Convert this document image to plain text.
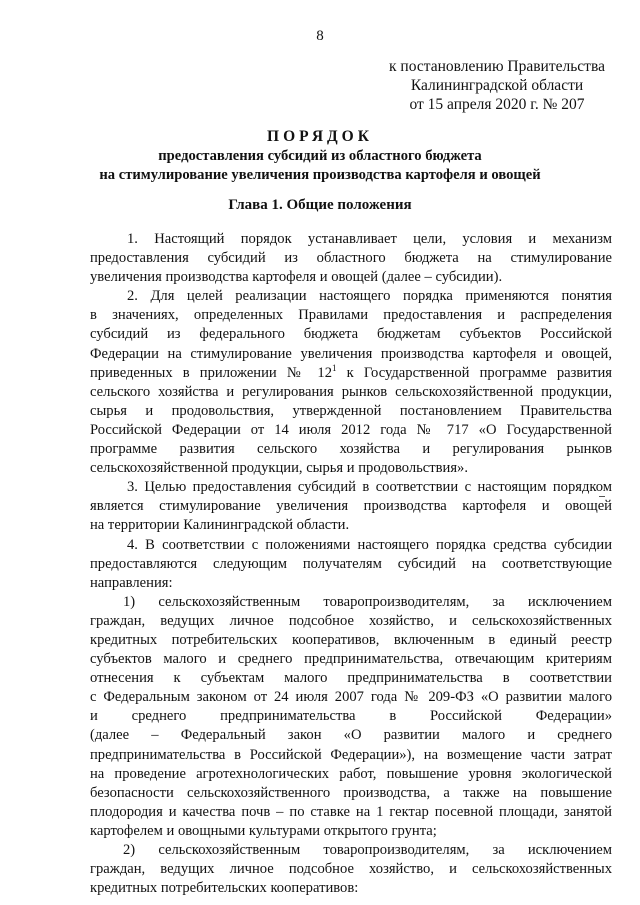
8
к постановлению Правительства
Калининградской области
от 15 апреля 2020 г. № 207
ПОРЯДОК
предоставления субсидий из областного бюджета
на стимулирование увеличения производства картофеля и овощей
Глава 1. Общие положения
1. Настоящий порядок устанавливает цели, условия и механизм
предоставления субсидий из областного бюджета на стимулирование
увеличения производства картофеля и овощей (далее – субсидии).
2. Для целей реализации настоящего порядка применяются понятия
в значениях, определенных Правилами предоставления и распределения
субсидий из федерального бюджета бюджетам субъектов Российской
Федерации на стимулирование увеличения производства картофеля и овощей,
приведенных в приложении № $12^1$ к Государственной программе развития
сельского хозяйства и регулирования рынков сельскохозяйственной продукции,
сырья и продовольствия, утвержденной постановлением Правительства
Российской Федерации от 14 июля 2012 года № 717 «О Государственной
программе развития сельского хозяйства и регулирования рынков
сельскохозяйственной продукции, сырья и продовольствия».
3. Целью предоставления субсидий в соответствии с настоящим порядком
является стимулирование увеличения производства картофеля и овощей
на территории Калининградской области.
4. В соответствии с положениями настоящего порядка средства субсидии
предоставляются следующим получателям субсидий на соответствующие
направления:
1) сельскохозяйственным товаропроизводителям, за исключением
граждан, ведущих личное подсобное хозяйство, и сельскохозяйственных
кредитных потребительских кооперативов, включенным в единый реестр
субъектов малого и среднего предпринимательства, отвечающим критериям
отнесения к субъектам малого предпринимательства в соответствии
с Федеральным законом от 24 июля 2007 года № 209-ФЗ «О развитии малого
и среднего предпринимательства в Российской Федерации»
(далее – Федеральный закон «О развитии малого и среднего
предпринимательства в Российской Федерации»), на возмещение части затрат
на проведение агротехнологических работ, повышение уровня экологической
безопасности сельскохозяйственного производства, а также на повышение
плодородия и качества почв – по ставке на 1 гектар посевной площади, занятой
картофелем и овощными культурами открытого грунта;
2) сельскохозяйственным товаропроизводителям, за исключением
граждан, ведущих личное подсобное хозяйство, и сельскохозяйственных
кредитных потребительских кооперативов:
